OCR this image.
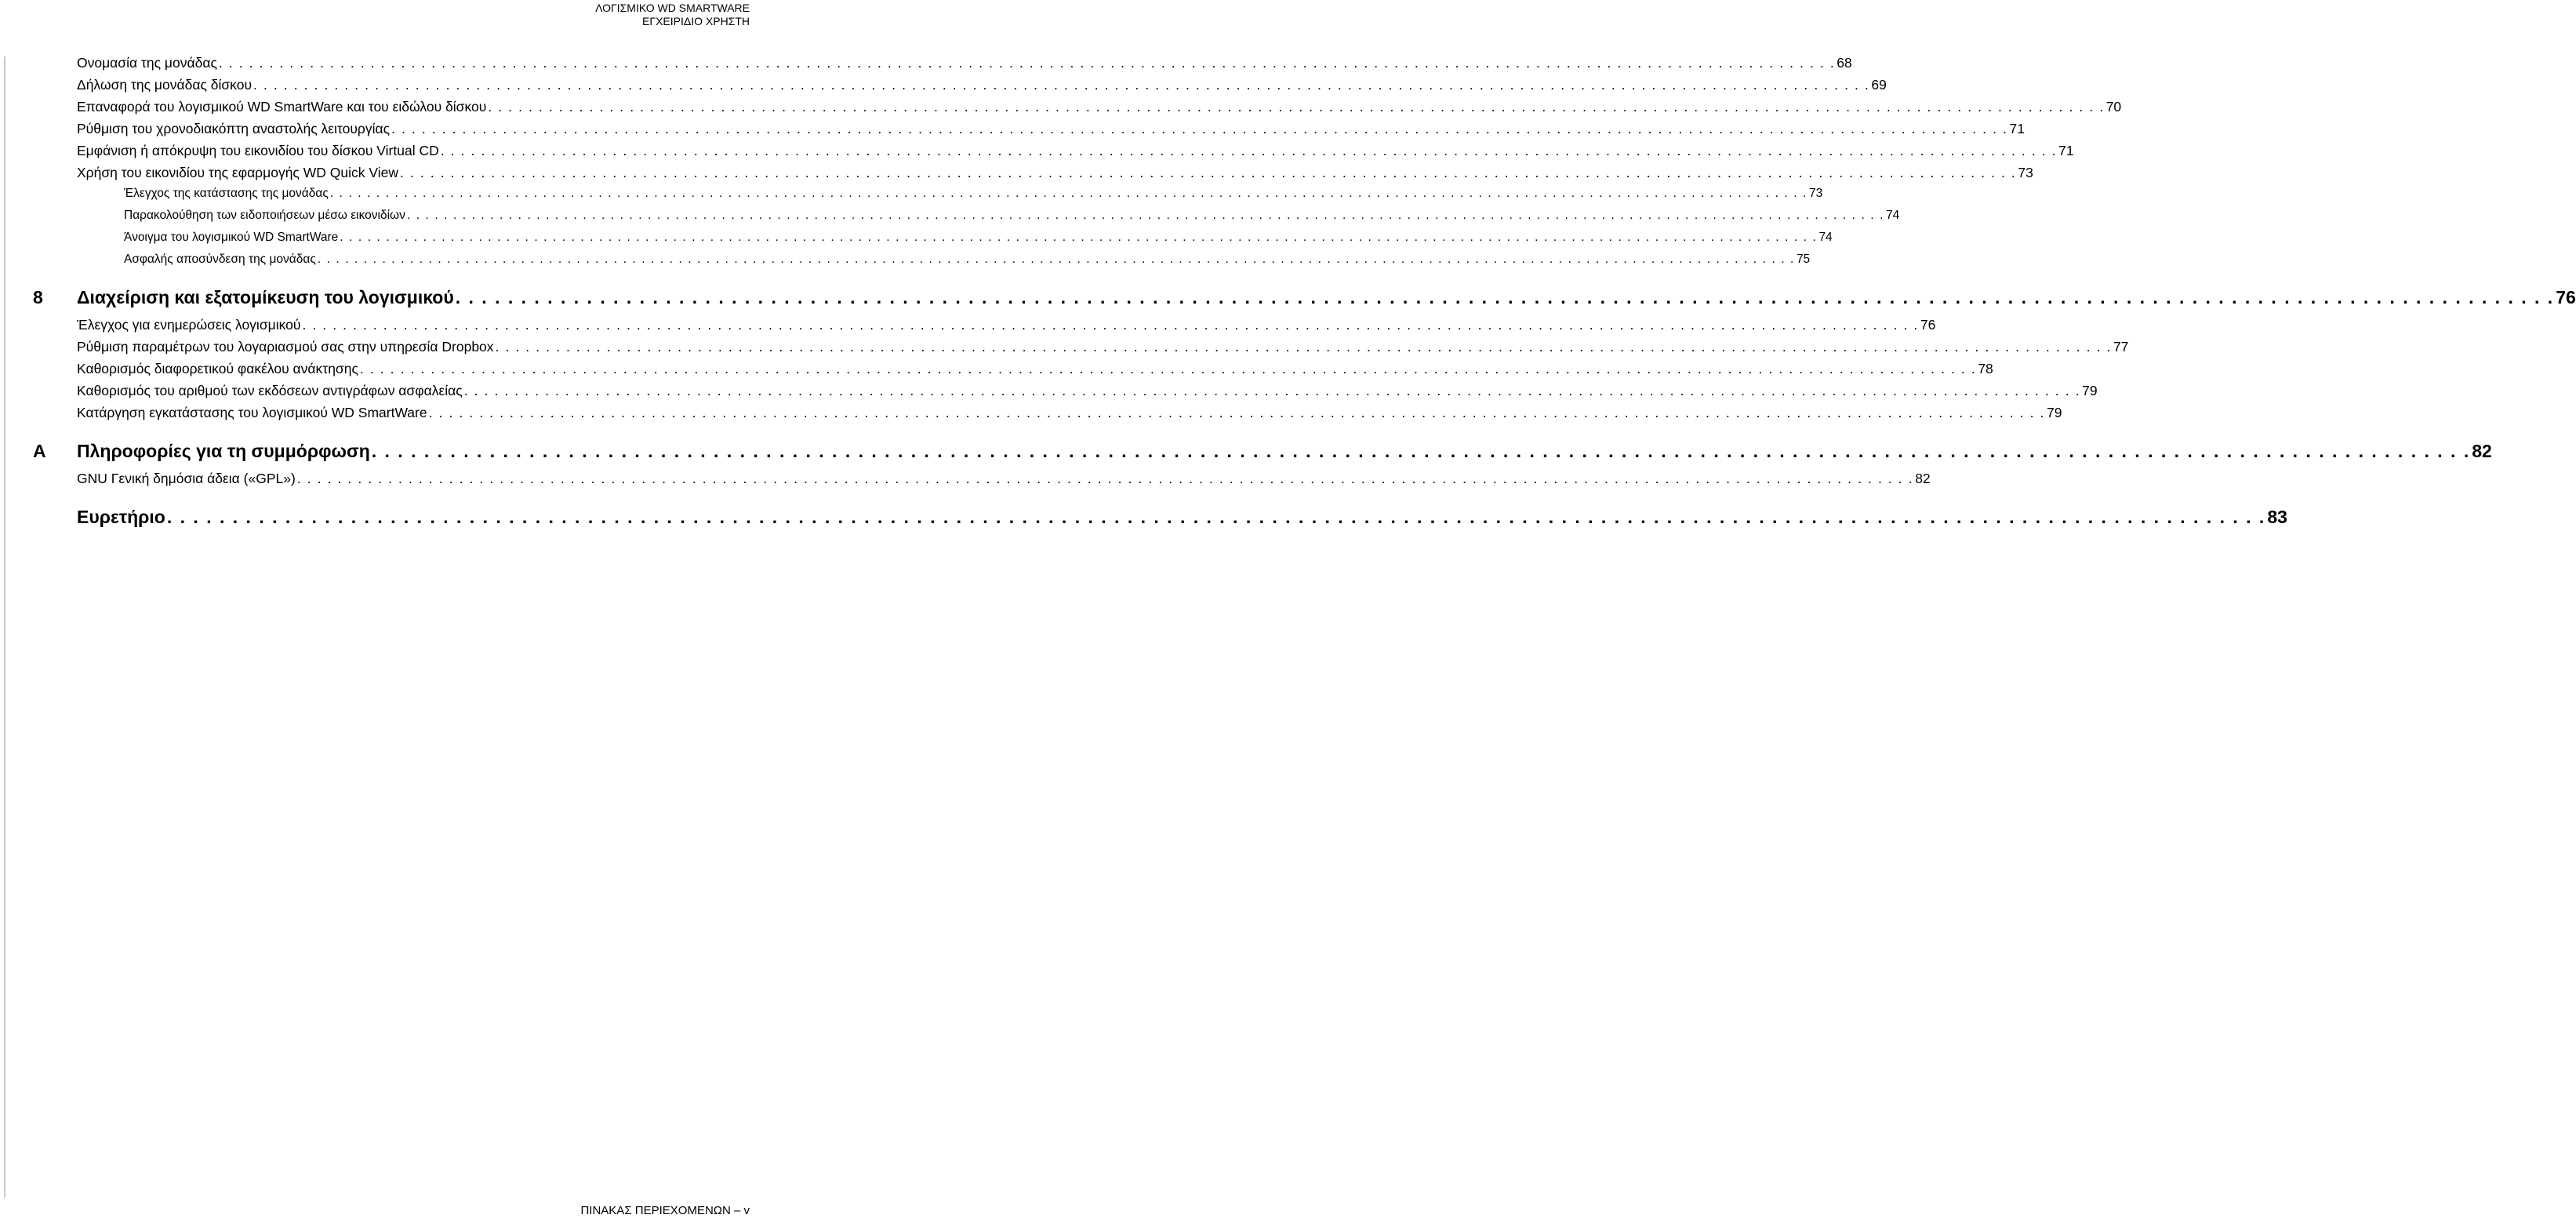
ΛΟΓΙΣΜΙΚΟ WD SMARTWARE
ΕΓΧΕΙΡΙΔΙΟ ΧΡΗΣΤΗ
Ονομασία της μονάδας . . . . . . . . . . . . . . . . . . . . . . . . . . . . . . . . . . . . . . . . . . . . . . . . . . . . . . . . . . . . . . . . . . . . . . . . . . . . . . . . . . . . . . . . . . . . . . . . . . . . . . . . . . . . . . . . . . . . . . . . . . . . . . . . . . . . . . . . . . . . . . . . . . . . . . . . . . . . . . . . 68
Δήλωση της μονάδας δίσκου . . . . . . . . . . . . . . . . . . . . . . . . . . . . . . . . . . . . . . . . . . . . . . . . . . . . . . . . . . . . . . . . . . . . . . . . . . . . . . . . . . . . . . . . . . . . . . . . . . . . . . . . . . . . . . . . . . . . . . . . . . . . . . . . . . . . . . . . . . . . . . . . . . . . . . . . . . . . . . . . 69
Επαναφορά του λογισμικού WD SmartWare και του ειδώλου δίσκου . . . . . . . . . . . . . . . . . . . . . . . . . . . . . . . . . . . . . . . . . . . . . . . . . . . . . . . . . . . . . . . . . . . . . . . . . . . . . . . . . . . . . . . . . . . . . . . . . . . . . . . . . . . . . . . . . . . . . . . . . . . . . . . . . . . . . . . . . . . . . . . . . . . . . . . . . . . . . . . . 70
Ρύθμιση του χρονοδιακόπτη αναστολής λειτουργίας . . . . . . . . . . . . . . . . . . . . . . . . . . . . . . . . . . . . . . . . . . . . . . . . . . . . . . . . . . . . . . . . . . . . . . . . . . . . . . . . . . . . . . . . . . . . . . . . . . . . . . . . . . . . . . . . . . . . . . . . . . . . . . . . . . . . . . . . . . . . . . . . . . . . . . . . . . . . . . . . 71
Εμφάνιση ή απόκρυψη του εικονιδίου του δίσκου Virtual CD . . . . . . . . . . . . . . . . . . . . . . . . . . . . . . . . . . . . . . . . . . . . . . . . . . . . . . . . . . . . . . . . . . . . . . . . . . . . . . . . . . . . . . . . . . . . . . . . . . . . . . . . . . . . . . . . . . . . . . . . . . . . . . . . . . . . . . . . . . . . . . . . . . . . . . . . . . . . . . . . 71
Χρήση του εικονιδίου της εφαρμογής WD Quick View . . . . . . . . . . . . . . . . . . . . . . . . . . . . . . . . . . . . . . . . . . . . . . . . . . . . . . . . . . . . . . . . . . . . . . . . . . . . . . . . . . . . . . . . . . . . . . . . . . . . . . . . . . . . . . . . . . . . . . . . . . . . . . . . . . . . . . . . . . . . . . . . . . . . . . . . . . . . . . . . 73
Έλεγχος της κατάστασης της μονάδας . . . . . . . . . . . . . . . . . . . . . . . . . . . . . . . . . . . . . . . . . . . . . . . . . . . . . . . . . . . . . . . . . . . . . . . . . . . . . . . . . . . . . . . . . . . . . . . . . . . . . . . . . . . . . . . . . . . . . . . . . . . . . . . . . . . . . . . . . . . . . . . . . . . . . . . . . . . . . . . . 73
Παρακολούθηση των ειδοποιήσεων μέσω εικονιδίων . . . . . . . . . . . . . . . . . . . . . . . . . . . . . . . . . . . . . . . . . . . . . . . . . . . . . . . . . . . . . . . . . . . . . . . . . . . . . . . . . . . . . . . . . . . . . . . . . . . . . . . . . . . . . . . . . . . . . . . . . . . . . . . . . . . . . . . . . . . . . . . . . . . . . . . . . . . . . . . . 74
Άνοιγμα του λογισμικού WD SmartWare . . . . . . . . . . . . . . . . . . . . . . . . . . . . . . . . . . . . . . . . . . . . . . . . . . . . . . . . . . . . . . . . . . . . . . . . . . . . . . . . . . . . . . . . . . . . . . . . . . . . . . . . . . . . . . . . . . . . . . . . . . . . . . . . . . . . . . . . . . . . . . . . . . . . . . . . . . . . . . . . 74
Ασφαλής αποσύνδεση της μονάδας . . . . . . . . . . . . . . . . . . . . . . . . . . . . . . . . . . . . . . . . . . . . . . . . . . . . . . . . . . . . . . . . . . . . . . . . . . . . . . . . . . . . . . . . . . . . . . . . . . . . . . . . . . . . . . . . . . . . . . . . . . . . . . . . . . . . . . . . . . . . . . . . . . . . . . . . . . . . . . . . 75
8 Διαχείριση και εξατομίκευση του λογισμικού . . . . . . . . . . . . . . . . . . . . . . . . . . . . . . . . . . . . . . . . . . . . . . . . . . . . . . . . . . . . . . . . . . . . . . . . . . . . . . . . . . . . . . . . . . . . . . . . . . . . . . . . . . . . . . . . . . . . . . . . . . . . . . . . . . . . . . . . . . . . . . . . . . . . . . . . . . . . . . . . 76
Έλεγχος για ενημερώσεις λογισμικού . . . . . . . . . . . . . . . . . . . . . . . . . . . . . . . . . . . . . . . . . . . . . . . . . . . . . . . . . . . . . . . . . . . . . . . . . . . . . . . . . . . . . . . . . . . . . . . . . . . . . . . . . . . . . . . . . . . . . . . . . . . . . . . . . . . . . . . . . . . . . . . . . . . . . . . . . . . . . . . . 76
Ρύθμιση παραμέτρων του λογαριασμού σας στην υπηρεσία Dropbox . . . . . . . . . . . . . . . . . . . . . . . . . . . . . . . . . . . . . . . . . . . . . . . . . . . . . . . . . . . . . . . . . . . . . . . . . . . . . . . . . . . . . . . . . . . . . . . . . . . . . . . . . . . . . . . . . . . . . . . . . . . . . . . . . . . . . . . . . . . . . . . . . . . . . . . . . . . . . . . . 77
Καθορισμός διαφορετικού φακέλου ανάκτησης . . . . . . . . . . . . . . . . . . . . . . . . . . . . . . . . . . . . . . . . . . . . . . . . . . . . . . . . . . . . . . . . . . . . . . . . . . . . . . . . . . . . . . . . . . . . . . . . . . . . . . . . . . . . . . . . . . . . . . . . . . . . . . . . . . . . . . . . . . . . . . . . . . . . . . . . . . . . . . . . 78
Καθορισμός του αριθμού των εκδόσεων αντιγράφων ασφαλείας . . . . . . . . . . . . . . . . . . . . . . . . . . . . . . . . . . . . . . . . . . . . . . . . . . . . . . . . . . . . . . . . . . . . . . . . . . . . . . . . . . . . . . . . . . . . . . . . . . . . . . . . . . . . . . . . . . . . . . . . . . . . . . . . . . . . . . . . . . . . . . . . . . . . . . . . . . . . . . . . 79
Κατάργηση εγκατάστασης του λογισμικού WD SmartWare . . . . . . . . . . . . . . . . . . . . . . . . . . . . . . . . . . . . . . . . . . . . . . . . . . . . . . . . . . . . . . . . . . . . . . . . . . . . . . . . . . . . . . . . . . . . . . . . . . . . . . . . . . . . . . . . . . . . . . . . . . . . . . . . . . . . . . . . . . . . . . . . . . . . . . . . . . . . . . . . 79
A Πληροφορίες για τη συμμόρφωση . . . . . . . . . . . . . . . . . . . . . . . . . . . . . . . . . . . . . . . . . . . . . . . . . . . . . . . . . . . . . . . . . . . . . . . . . . . . . . . . . . . . . . . . . . . . . . . . . . . . . . . . . . . . . . . . . . . . . . . . . . . . . . . . . . . . . . . . . . . . . . . . . . . . . . . . . . . . . . . . 82
GNU Γενική δημόσια άδεια («GPL») . . . . . . . . . . . . . . . . . . . . . . . . . . . . . . . . . . . . . . . . . . . . . . . . . . . . . . . . . . . . . . . . . . . . . . . . . . . . . . . . . . . . . . . . . . . . . . . . . . . . . . . . . . . . . . . . . . . . . . . . . . . . . . . . . . . . . . . . . . . . . . . . . . . . . . . . . . . . . . . . 82
Ευρετήριο . . . . . . . . . . . . . . . . . . . . . . . . . . . . . . . . . . . . . . . . . . . . . . . . . . . . . . . . . . . . . . . . . . . . . . . . . . . . . . . . . . . . . . . . . . . . . . . . . . . . . . . . . . . . . . . . . . . . . . . . . . . . . . . . . . . . . . . . . . . . . . . . . . . . . . . . . . . . . . . . 83
ΠΙΝΑΚΑΣ ΠΕΡΙΕΧΟΜΕΝΩΝ – v
